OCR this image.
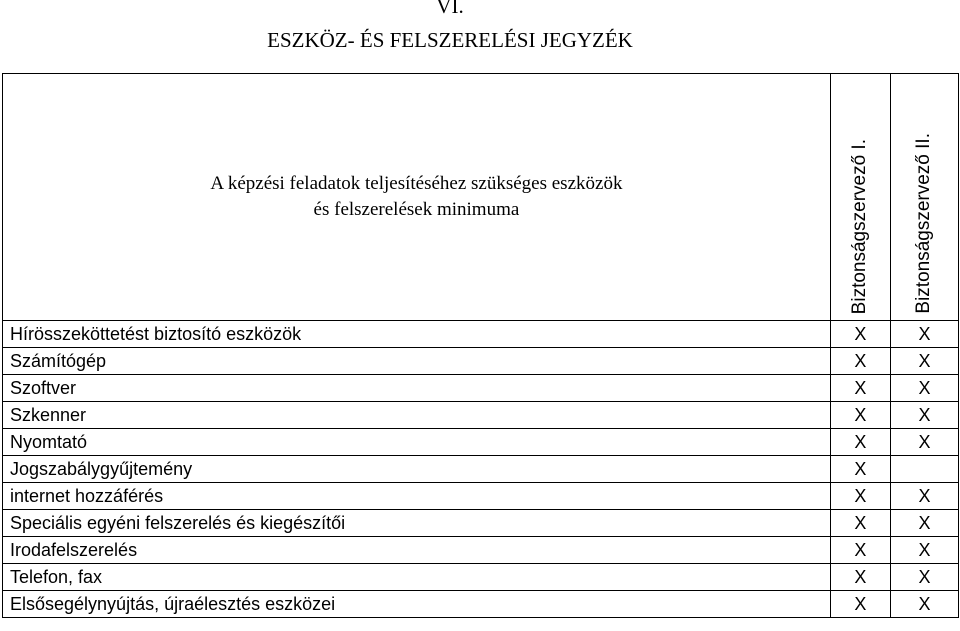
VI.
ESZKÖZ- ÉS FELSZERELÉSI JEGYZÉK
A képzési feladatok teljesítéséhez szükséges eszközök
és felszerelések minimuma	Biztonságszervező I.	Biztonságszervező II.

Hírösszeköttetést biztosító eszközök	X	X
Számítógép	X	X
Szoftver	X	X
Szkenner	X	X
Nyomtató	X	X
Jogszabálygyűjtemény	X	
internet hozzáférés	X	X
Speciális egyéni felszerelés és kiegészítői	X	X
Irodafelszerelés	X	X
Telefon, fax	X	X
Elsősegélynyújtás, újraélesztés eszközei	X	X
